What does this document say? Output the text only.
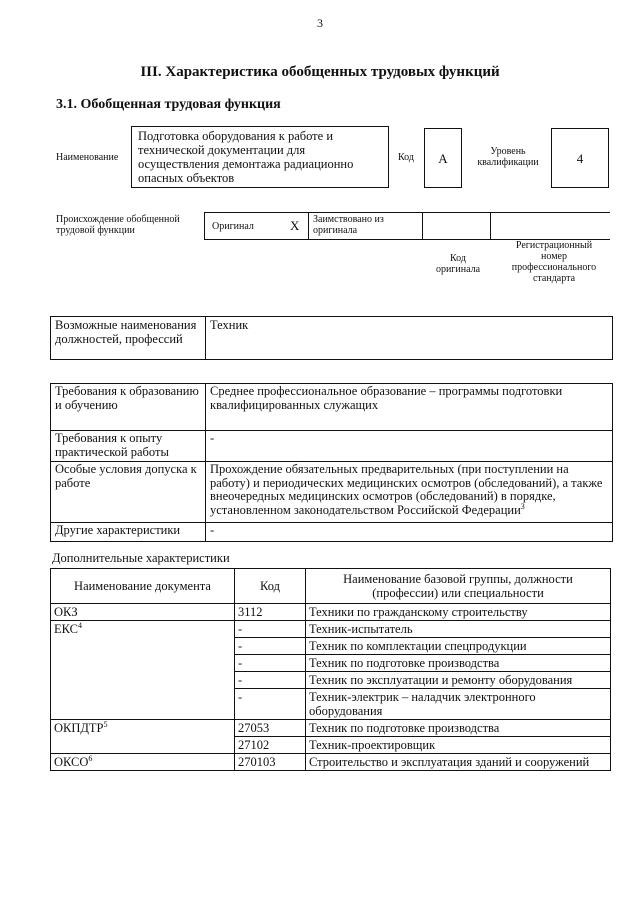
3
III. Характеристика обобщенных трудовых функций
3.1. Обобщенная трудовая функция
Наименование
Подготовка оборудования к работе и технической документации для осуществления демонтажа радиационно опасных объектов
Код	А	Уровень квалификации	4
Происхождение обобщенной трудовой функции	Оригинал	X Заимствовано из оригинала
Код оригинала
Регистрационный номер профессионального стандарта
Возможные наименования должностей, профессий	Техник
Требования к образованию и обучению	Среднее профессиональное образование – программы подготовки квалифицированных служащих
Требования к опыту практической работы	-
Особые условия допуска к работе	Прохождение обязательных предварительных (при поступлении на работу) и периодических медицинских осмотров (обследований), а также внеочередных медицинских осмотров (обследований) в порядке, установленном законодательством Российской Федерации$^3$
Другие характеристики	-
Дополнительные характеристики
Наименование документа	Код	Наименование базовой группы, должности (профессии) или специальности
ОКЗ	3112	Техники по гражданскому строительству
ЕКС$^4$	-	Техник-испытатель
	-	Техник по комплектации спецпродукции
	-	Техник по подготовке производства
	-	Техник по эксплуатации и ремонту оборудования
	-	Техник-электрик – наладчик электронного оборудования
ОКПДТР$^5$	27053	Техник по подготовке производства
	27102	Техник-проектировщик
ОКСО$^6$	270103	Строительство и эксплуатация зданий и сооружений
